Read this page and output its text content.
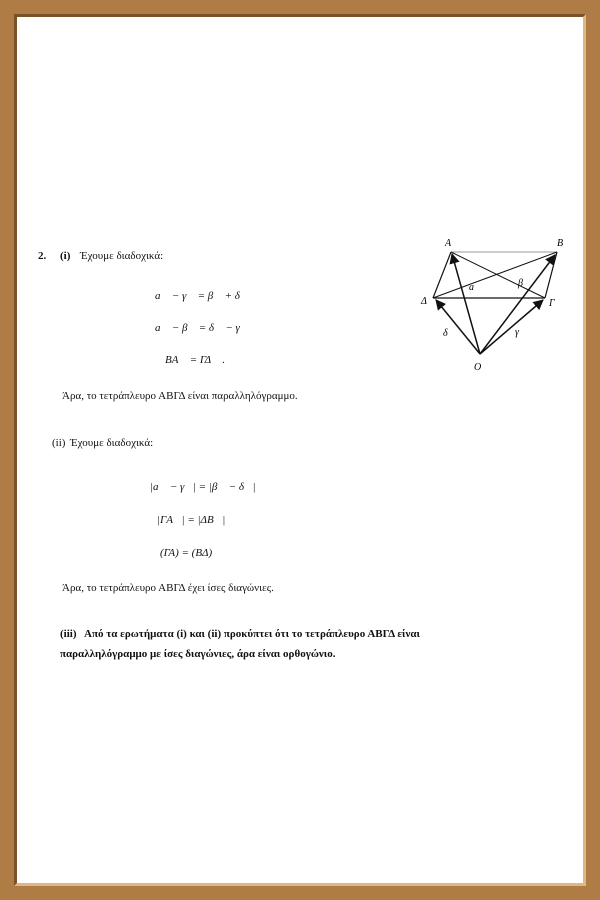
2. (i) Έχουμε διαδοχικά:
a⃗ − γ⃗ = β⃗ + δ⃗
a⃗ − β⃗ = δ⃗ − γ⃗
BA⃗ = ΓΔ⃗ .
Άρα, το τετράπλευρο ΑΒΓΔ είναι παραλληλόγραμμο.
(ii) Έχουμε διαδοχικά:
|a⃗ − γ⃗| = |β⃗ − δ⃗|
|ΓA⃗| = |ΔB⃗|
(ΓΑ) = (ΒΔ)
Άρα, το τετράπλευρο ΑΒΓΔ έχει ίσες διαγώνιες.
(iii) Από τα ερωτήματα (i) και (ii) προκύπτει ότι το τετράπλευρο ΑΒΓΔ είναι
παραλληλόγραμμο με ίσες διαγώνιες, άρα είναι ορθογώνιο.
A	B
Γ
Δ
O
a⃗	β⃗
γ⃗
δ⃗
